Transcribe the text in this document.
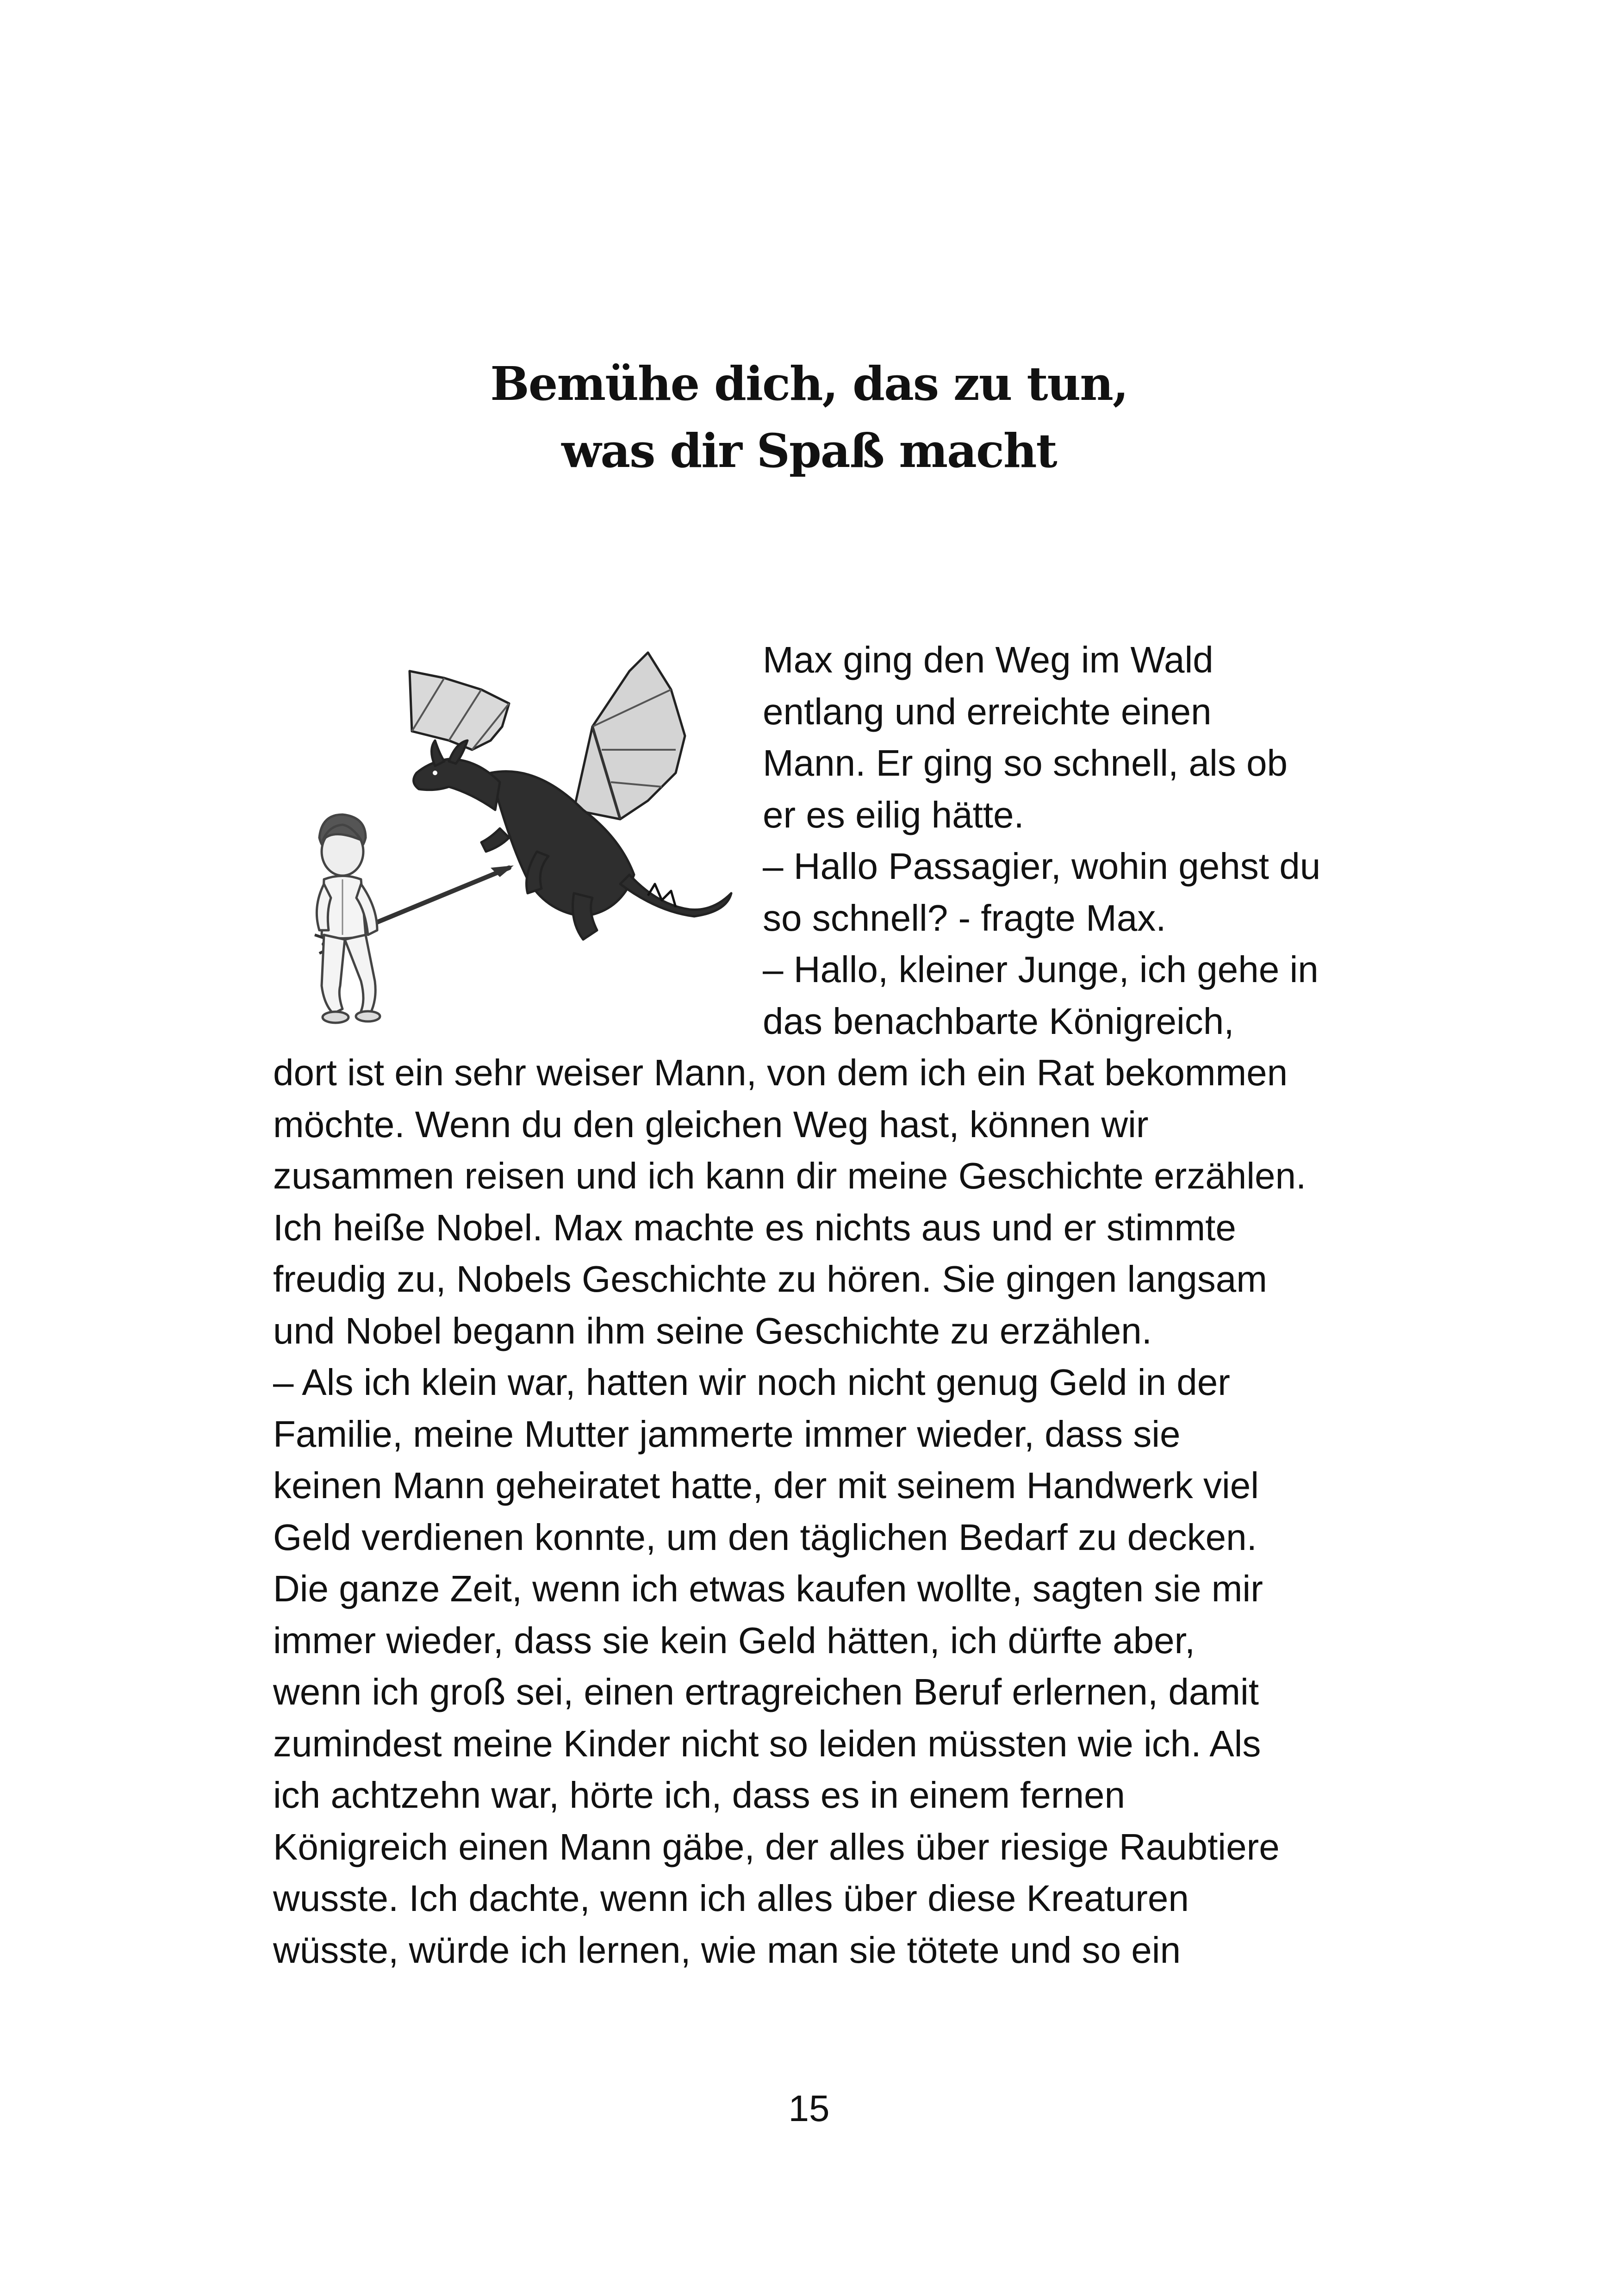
Bemühe dich, das zu tun,
was dir Spaß macht
Max ging den Weg im Wald
entlang und erreichte einen
Mann. Er ging so schnell, als ob
er es eilig hätte.
– Hallo Passagier, wohin gehst du
so schnell? - fragte Max.
– Hallo, kleiner Junge, ich gehe in
das benachbarte Königreich,
dort ist ein sehr weiser Mann, von dem ich ein Rat bekommen
möchte. Wenn du den gleichen Weg hast, können wir
zusammen reisen und ich kann dir meine Geschichte erzählen.
Ich heiße Nobel. Max machte es nichts aus und er stimmte
freudig zu, Nobels Geschichte zu hören. Sie gingen langsam
und Nobel begann ihm seine Geschichte zu erzählen.
– Als ich klein war, hatten wir noch nicht genug Geld in der
Familie, meine Mutter jammerte immer wieder, dass sie
keinen Mann geheiratet hatte, der mit seinem Handwerk viel
Geld verdienen konnte, um den täglichen Bedarf zu decken.
Die ganze Zeit, wenn ich etwas kaufen wollte, sagten sie mir
immer wieder, dass sie kein Geld hätten, ich dürfte aber,
wenn ich groß sei, einen ertragreichen Beruf erlernen, damit
zumindest meine Kinder nicht so leiden müssten wie ich. Als
ich achtzehn war, hörte ich, dass es in einem fernen
Königreich einen Mann gäbe, der alles über riesige Raubtiere
wusste. Ich dachte, wenn ich alles über diese Kreaturen
wüsste, würde ich lernen, wie man sie tötete und so ein
15
